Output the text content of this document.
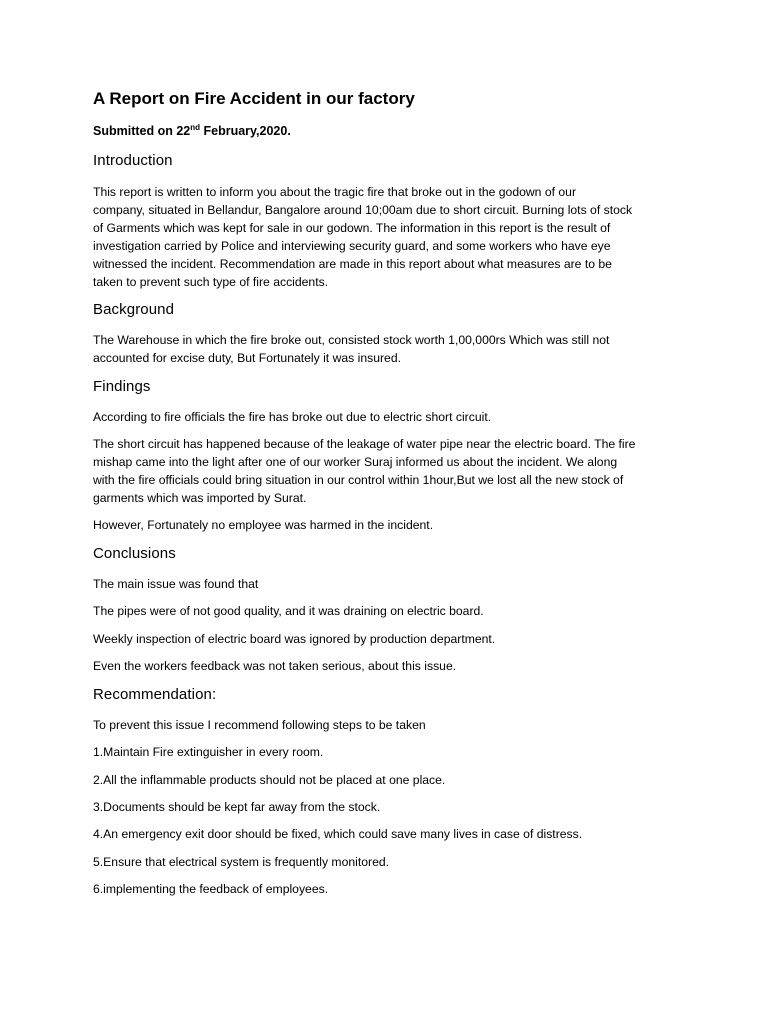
A Report on Fire Accident in our factory

Submitted on 22nd February,2020.

Introduction
This report is written to inform you about the tragic fire that broke out in the godown of our
company, situated in Bellandur, Bangalore around 10;00am due to short circuit. Burning lots of stock
of Garments which was kept for sale in our godown. The information in this report is the result of
investigation carried by Police and interviewing security guard, and some workers who have eye
witnessed the incident. Recommendation are made in this report about what measures are to be
taken to prevent such type of fire accidents.
Background
The Warehouse in which the fire broke out, consisted stock worth 1,00,000rs Which was still not
accounted for excise duty, But Fortunately it was insured.
Findings
According to fire officials the fire has broke out due to electric short circuit.
The short circuit has happened because of the leakage of water pipe near the electric board. The fire
mishap came into the light after one of our worker Suraj informed us about the incident. We along
with the fire officials could bring situation in our control within 1hour,But we lost all the new stock of
garments which was imported by Surat.
However, Fortunately no employee was harmed in the incident.
Conclusions
The main issue was found that
The pipes were of not good quality, and it was draining on electric board.
Weekly inspection of electric board was ignored by production department.
Even the workers feedback was not taken serious, about this issue.
Recommendation:
To prevent this issue I recommend following steps to be taken
1.Maintain Fire extinguisher in every room.
2.All the inflammable products should not be placed at one place.
3.Documents should be kept far away from the stock.
4.An emergency exit door should be fixed, which could save many lives in case of distress.
5.Ensure that electrical system is frequently monitored.
6.implementing the feedback of employees.
